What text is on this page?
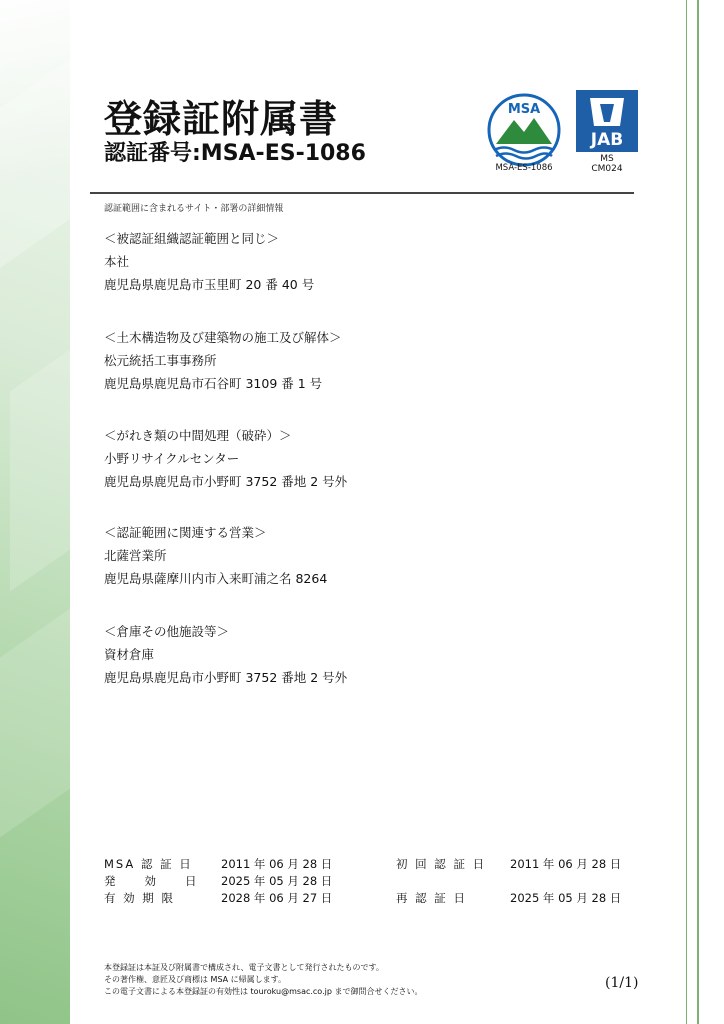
登録証附属書
認証番号:MSA-ES-1086
MSA
MSA-ES-1086
JAB
MS
CM024
認証範囲に含まれるサイト・部署の詳細情報
＜被認証組織認証範囲と同じ＞
本社
鹿児島県鹿児島市玉里町 20 番 40 号
＜土木構造物及び建築物の施工及び解体＞
松元統括工事事務所
鹿児島県鹿児島市石谷町 3109 番 1 号
＜がれき類の中間処理（破砕）＞
小野リサイクルセンター
鹿児島県鹿児島市小野町 3752 番地 2 号外
＜認証範囲に関連する営業＞
北薩営業所
鹿児島県薩摩川内市入来町浦之名 8264
＜倉庫その他施設等＞
資材倉庫
鹿児島県鹿児島市小野町 3752 番地 2 号外
MSA 認 証 日	2011 年 06 月 28 日	初 回 認 証 日 2011 年 06 月 28 日
発　　効　　日	2025 年 05 月 28 日
有 効 期 限	2028 年 06 月 27 日	再 認 証 日	2025 年 05 月 28 日
本登録証は本証及び附属書で構成され、電子文書として発行されたものです。
その著作権、意匠及び商標は MSA に帰属します。
この電子文書による本登録証の有効性は touroku@msac.co.jp まで御問合せください。
(1/1)
